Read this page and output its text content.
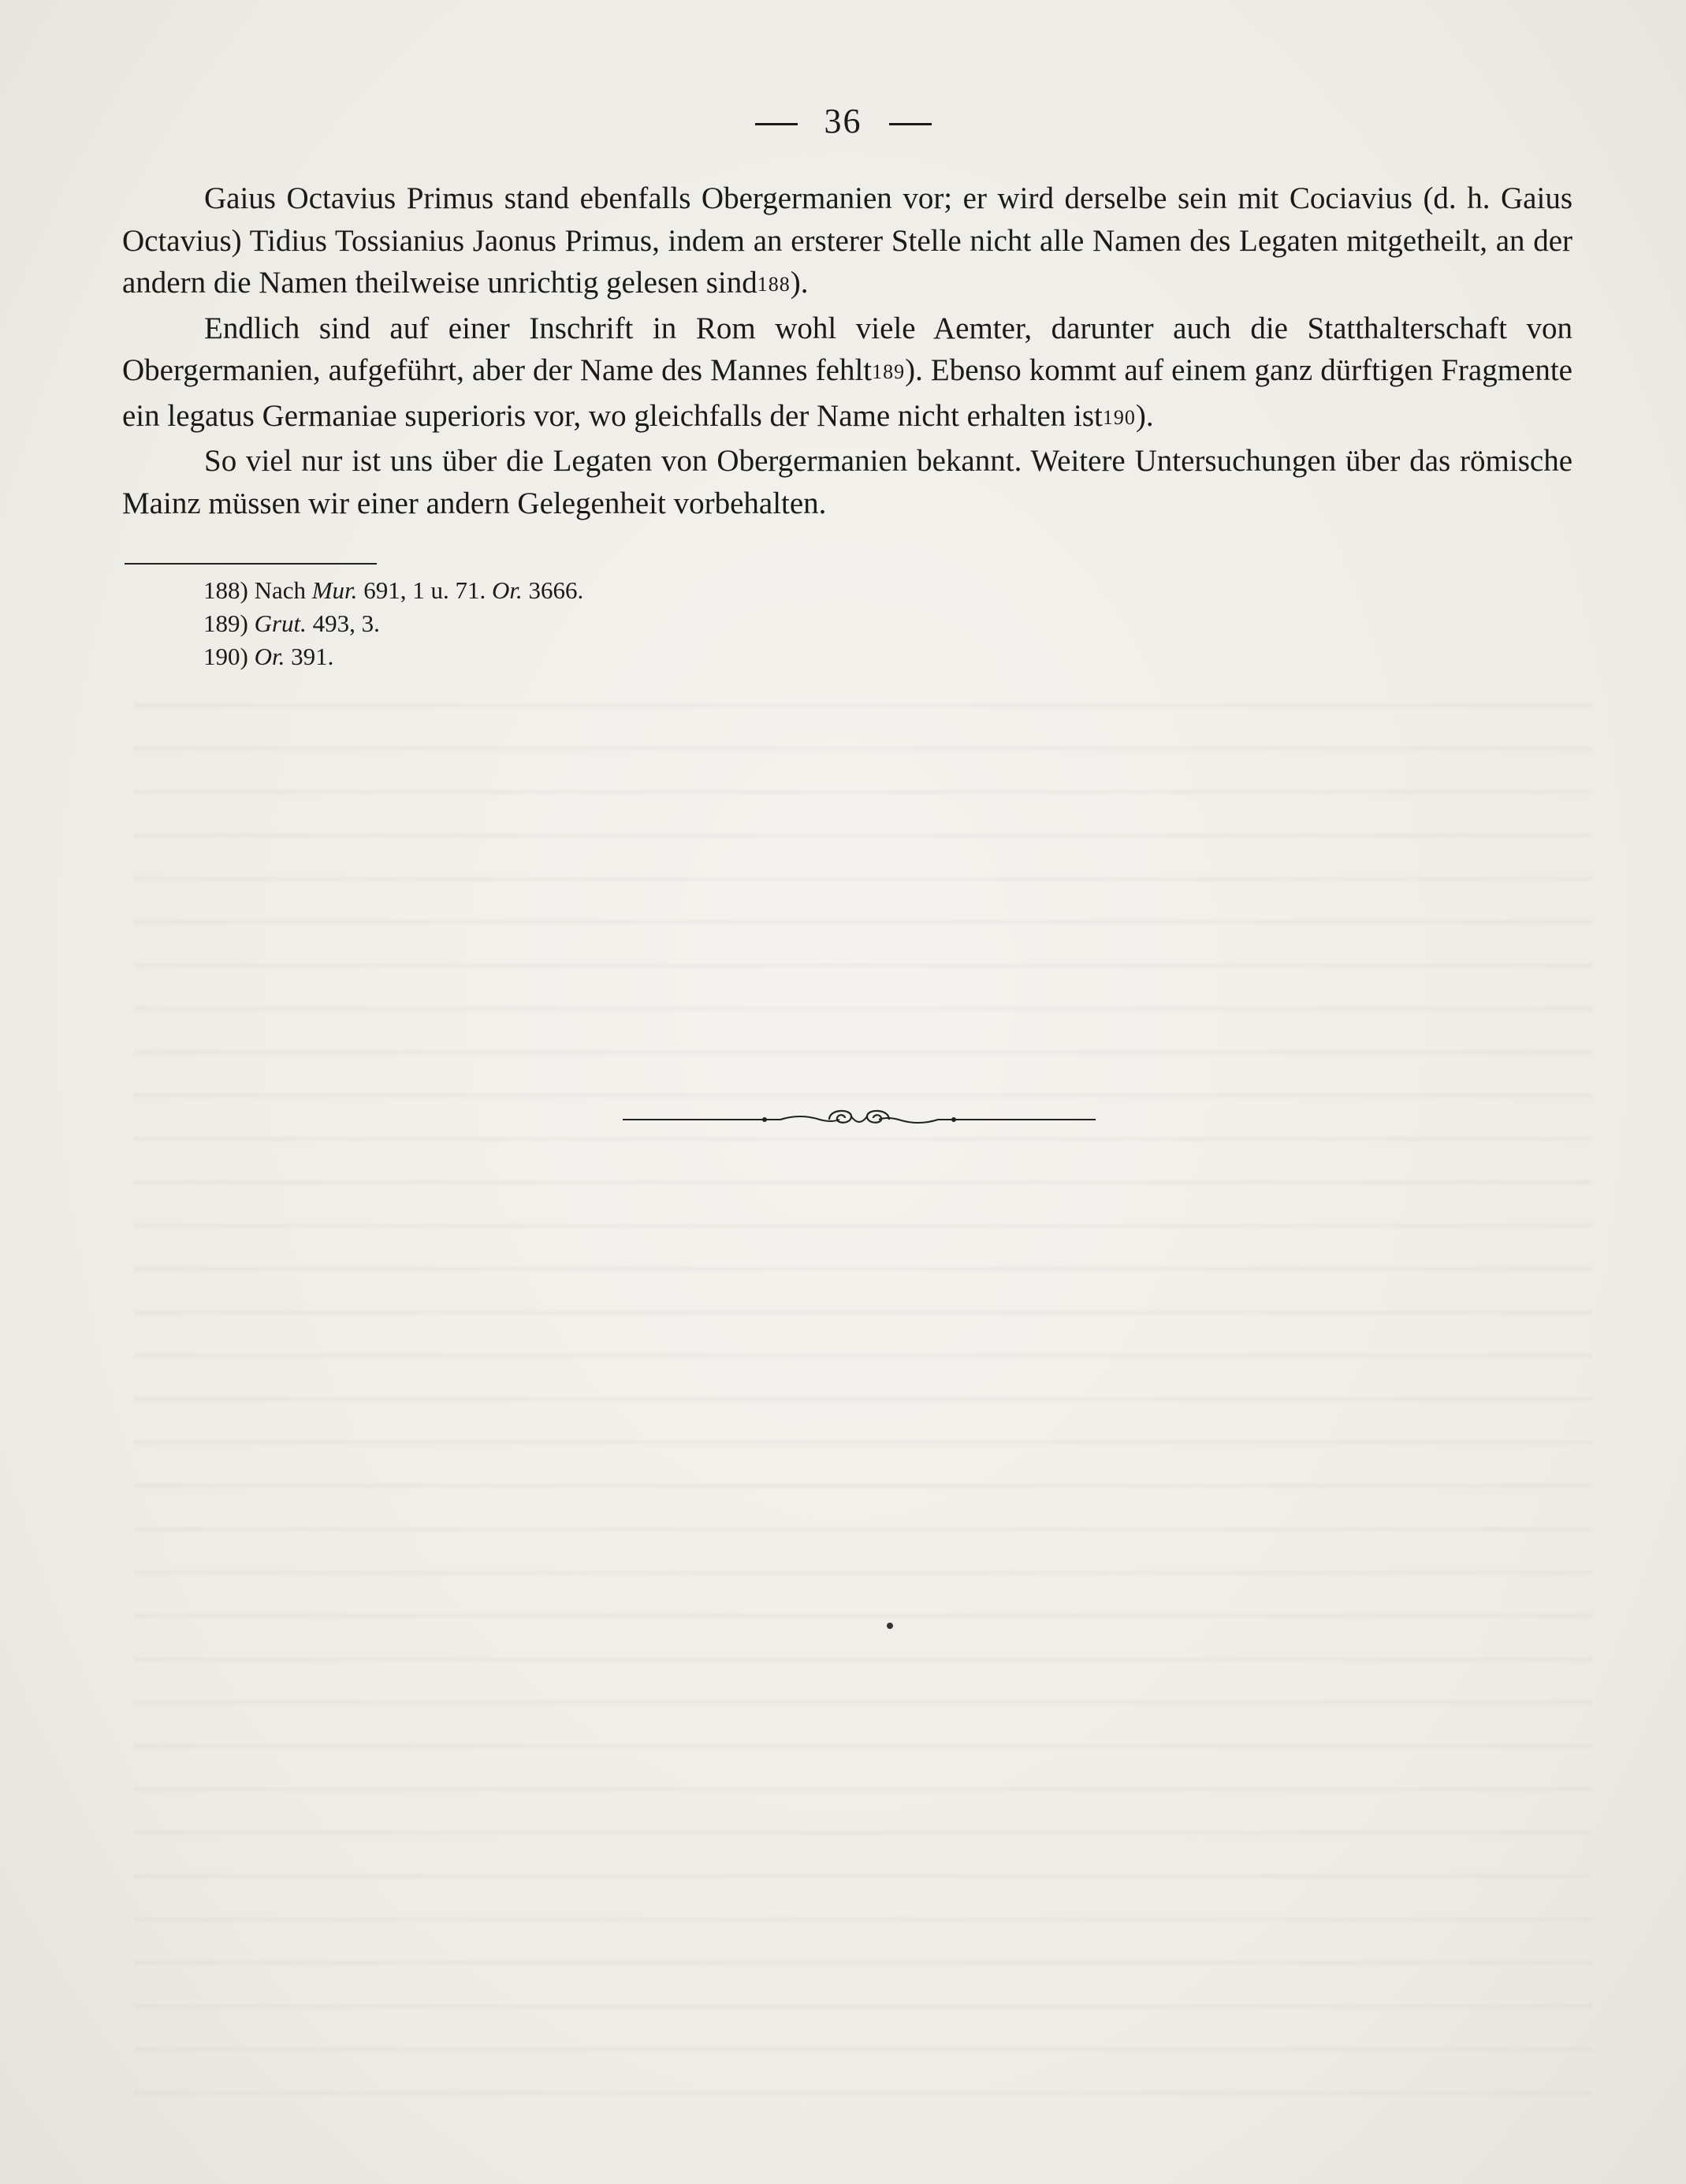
36

Gaius Octavius Primus stand ebenfalls Obergermanien vor; er wird derselbe sein mit Cociavius (d. h. Gaius Octavius) Tidius Tossianius Jaonus Primus, indem an ersterer Stelle nicht alle Namen des Legaten mitgetheilt, an der andern die Namen theilweise unrichtig gelesen sind$^{188}$).

Endlich sind auf einer Inschrift in Rom wohl viele Aemter, darunter auch die Statthalterschaft von Obergermanien, aufgeführt, aber der Name des Mannes fehlt$^{189}$). Ebenso kommt auf einem ganz dürftigen Fragmente ein legatus Germaniae superioris vor, wo gleichfalls der Name nicht erhalten ist$^{190}$).

So viel nur ist uns über die Legaten von Obergermanien bekannt. Weitere Untersuchungen über das römische Mainz müssen wir einer andern Gelegenheit vorbehalten.

188) Nach Mur. 691, 1 u. 71. Or. 3666.
189) Grut. 493, 3.
190) Or. 391.
